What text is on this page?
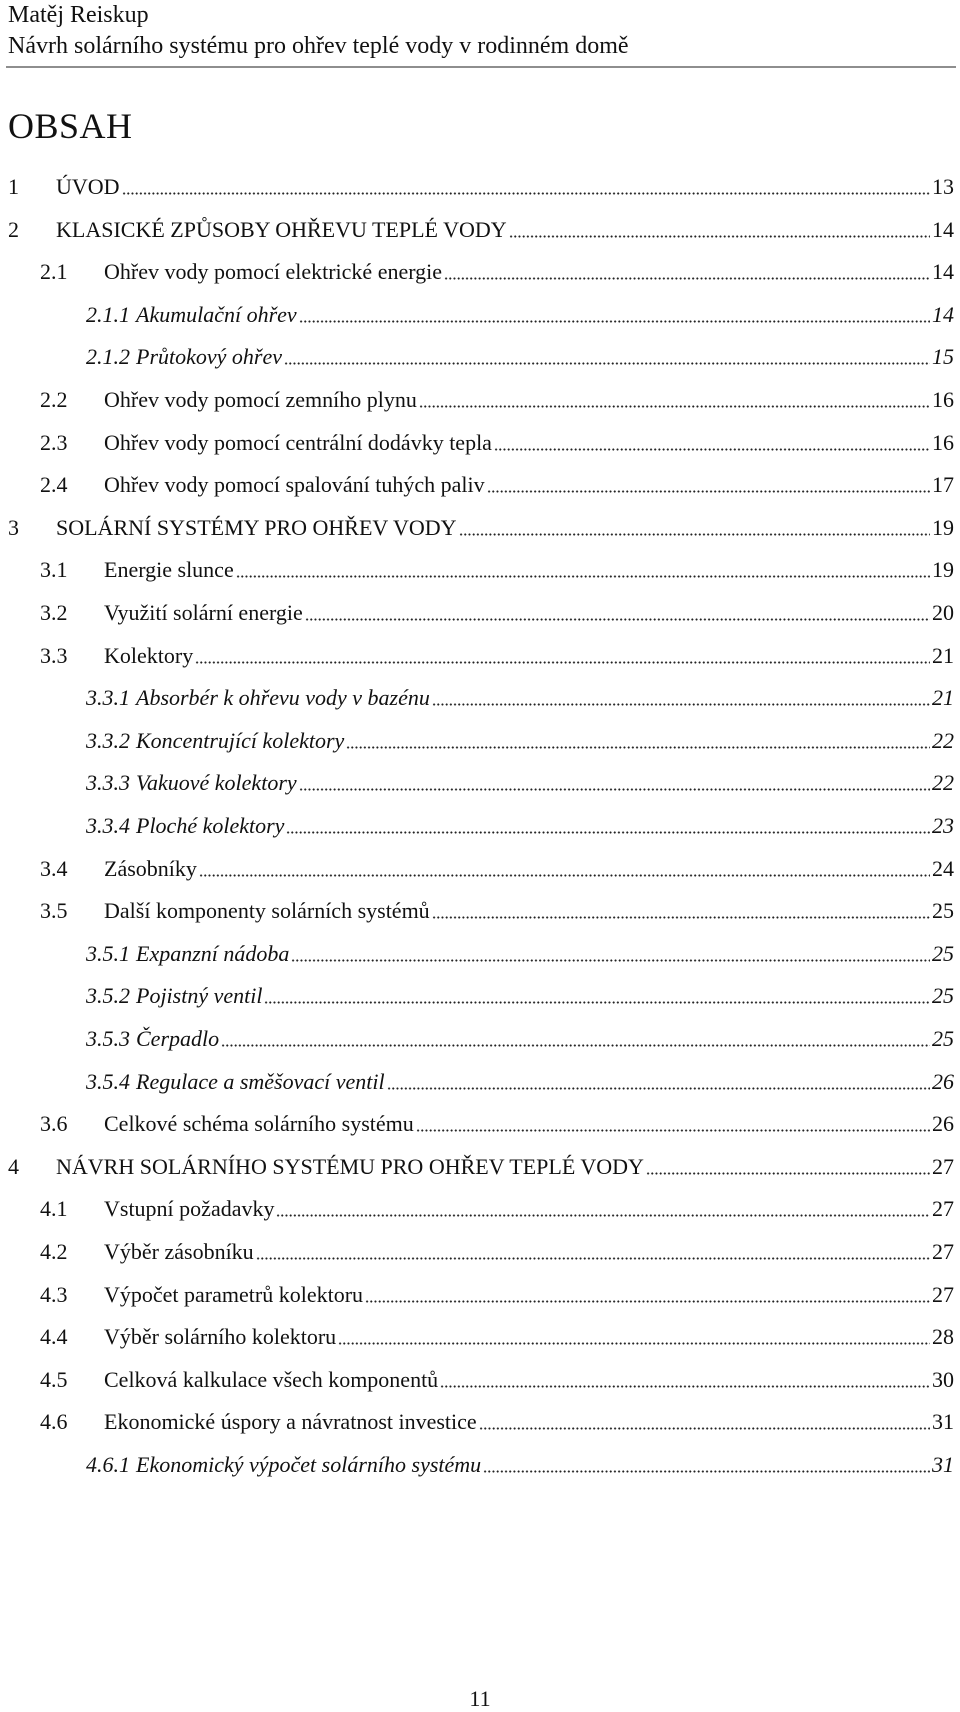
Matěj Reiskup
Návrh solárního systému pro ohřev teplé vody v rodinném domě
OBSAH
1	ÚVOD	13
2	KLASICKÉ ZPŮSOBY OHŘEVU TEPLÉ VODY	14
2.1	Ohřev vody pomocí elektrické energie	14
2.1.1 Akumulační ohřev	14
2.1.2 Průtokový ohřev	15
2.2	Ohřev vody pomocí zemního plynu	16
2.3	Ohřev vody pomocí centrální dodávky tepla	16
2.4	Ohřev vody pomocí spalování tuhých paliv	17
3	SOLÁRNÍ SYSTÉMY PRO OHŘEV VODY	19
3.1	Energie slunce	19
3.2	Využití solární energie	20
3.3	Kolektory	21
3.3.1 Absorbér k ohřevu vody v bazénu	21
3.3.2 Koncentrující kolektory	22
3.3.3 Vakuové kolektory	22
3.3.4 Ploché kolektory	23
3.4	Zásobníky	24
3.5	Další komponenty solárních systémů	25
3.5.1 Expanzní nádoba	25
3.5.2 Pojistný ventil	25
3.5.3 Čerpadlo	25
3.5.4 Regulace a směšovací ventil	26
3.6	Celkové schéma solárního systému	26
4	NÁVRH SOLÁRNÍHO SYSTÉMU PRO OHŘEV TEPLÉ VODY	27
4.1	Vstupní požadavky	27
4.2	Výběr zásobníku	27
4.3	Výpočet parametrů kolektoru	27
4.4	Výběr solárního kolektoru	28
4.5	Celková kalkulace všech komponentů	30
4.6	Ekonomické úspory a návratnost investice	31
4.6.1 Ekonomický výpočet solárního systému	31
11
